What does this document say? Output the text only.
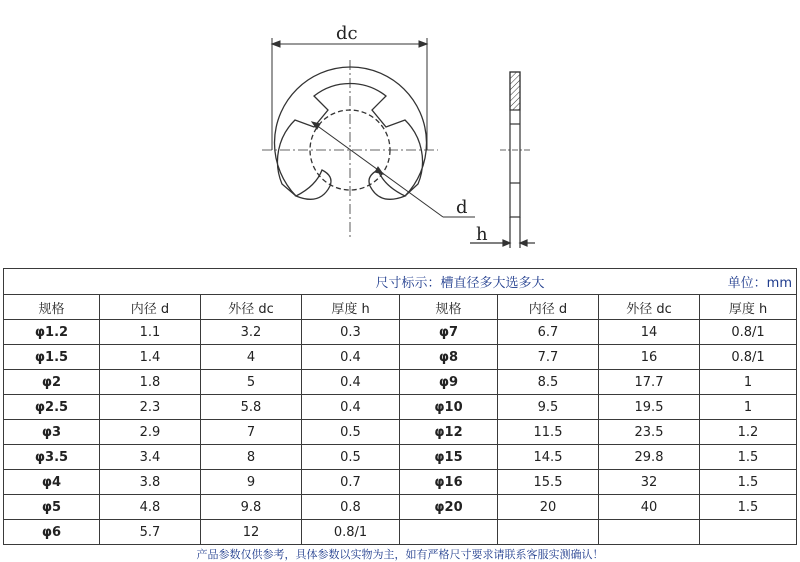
dc
d
h
尺寸标示：槽直径多大选多大							
规格	内径 d	外径 dc	厚度 h	规格	内径 d	外径 dc	厚度 h
φ1.2	1.1	3.2	0.3	φ7	6.7	14	0.8/1
φ1.5	1.4	4	0.4	φ8	7.7	16	0.8/1
φ2	1.8	5	0.4	φ9	8.5	17.7	1
φ2.5	2.3	5.8	0.4	φ10	9.5	19.5	1
φ3	2.9	7	0.5	φ12	11.5	23.5	1.2
φ3.5	3.4	8	0.5	φ15	14.5	29.8	1.5
φ4	3.8	9	0.7	φ16	15.5	32	1.5
φ5	4.8	9.8	0.8	φ20	20	40	1.5
φ6	5.7	12	0.8/1				
单位：mm
产品参数仅供参考，具体参数以实物为主，如有严格尺寸要求请联系客服实测确认！
